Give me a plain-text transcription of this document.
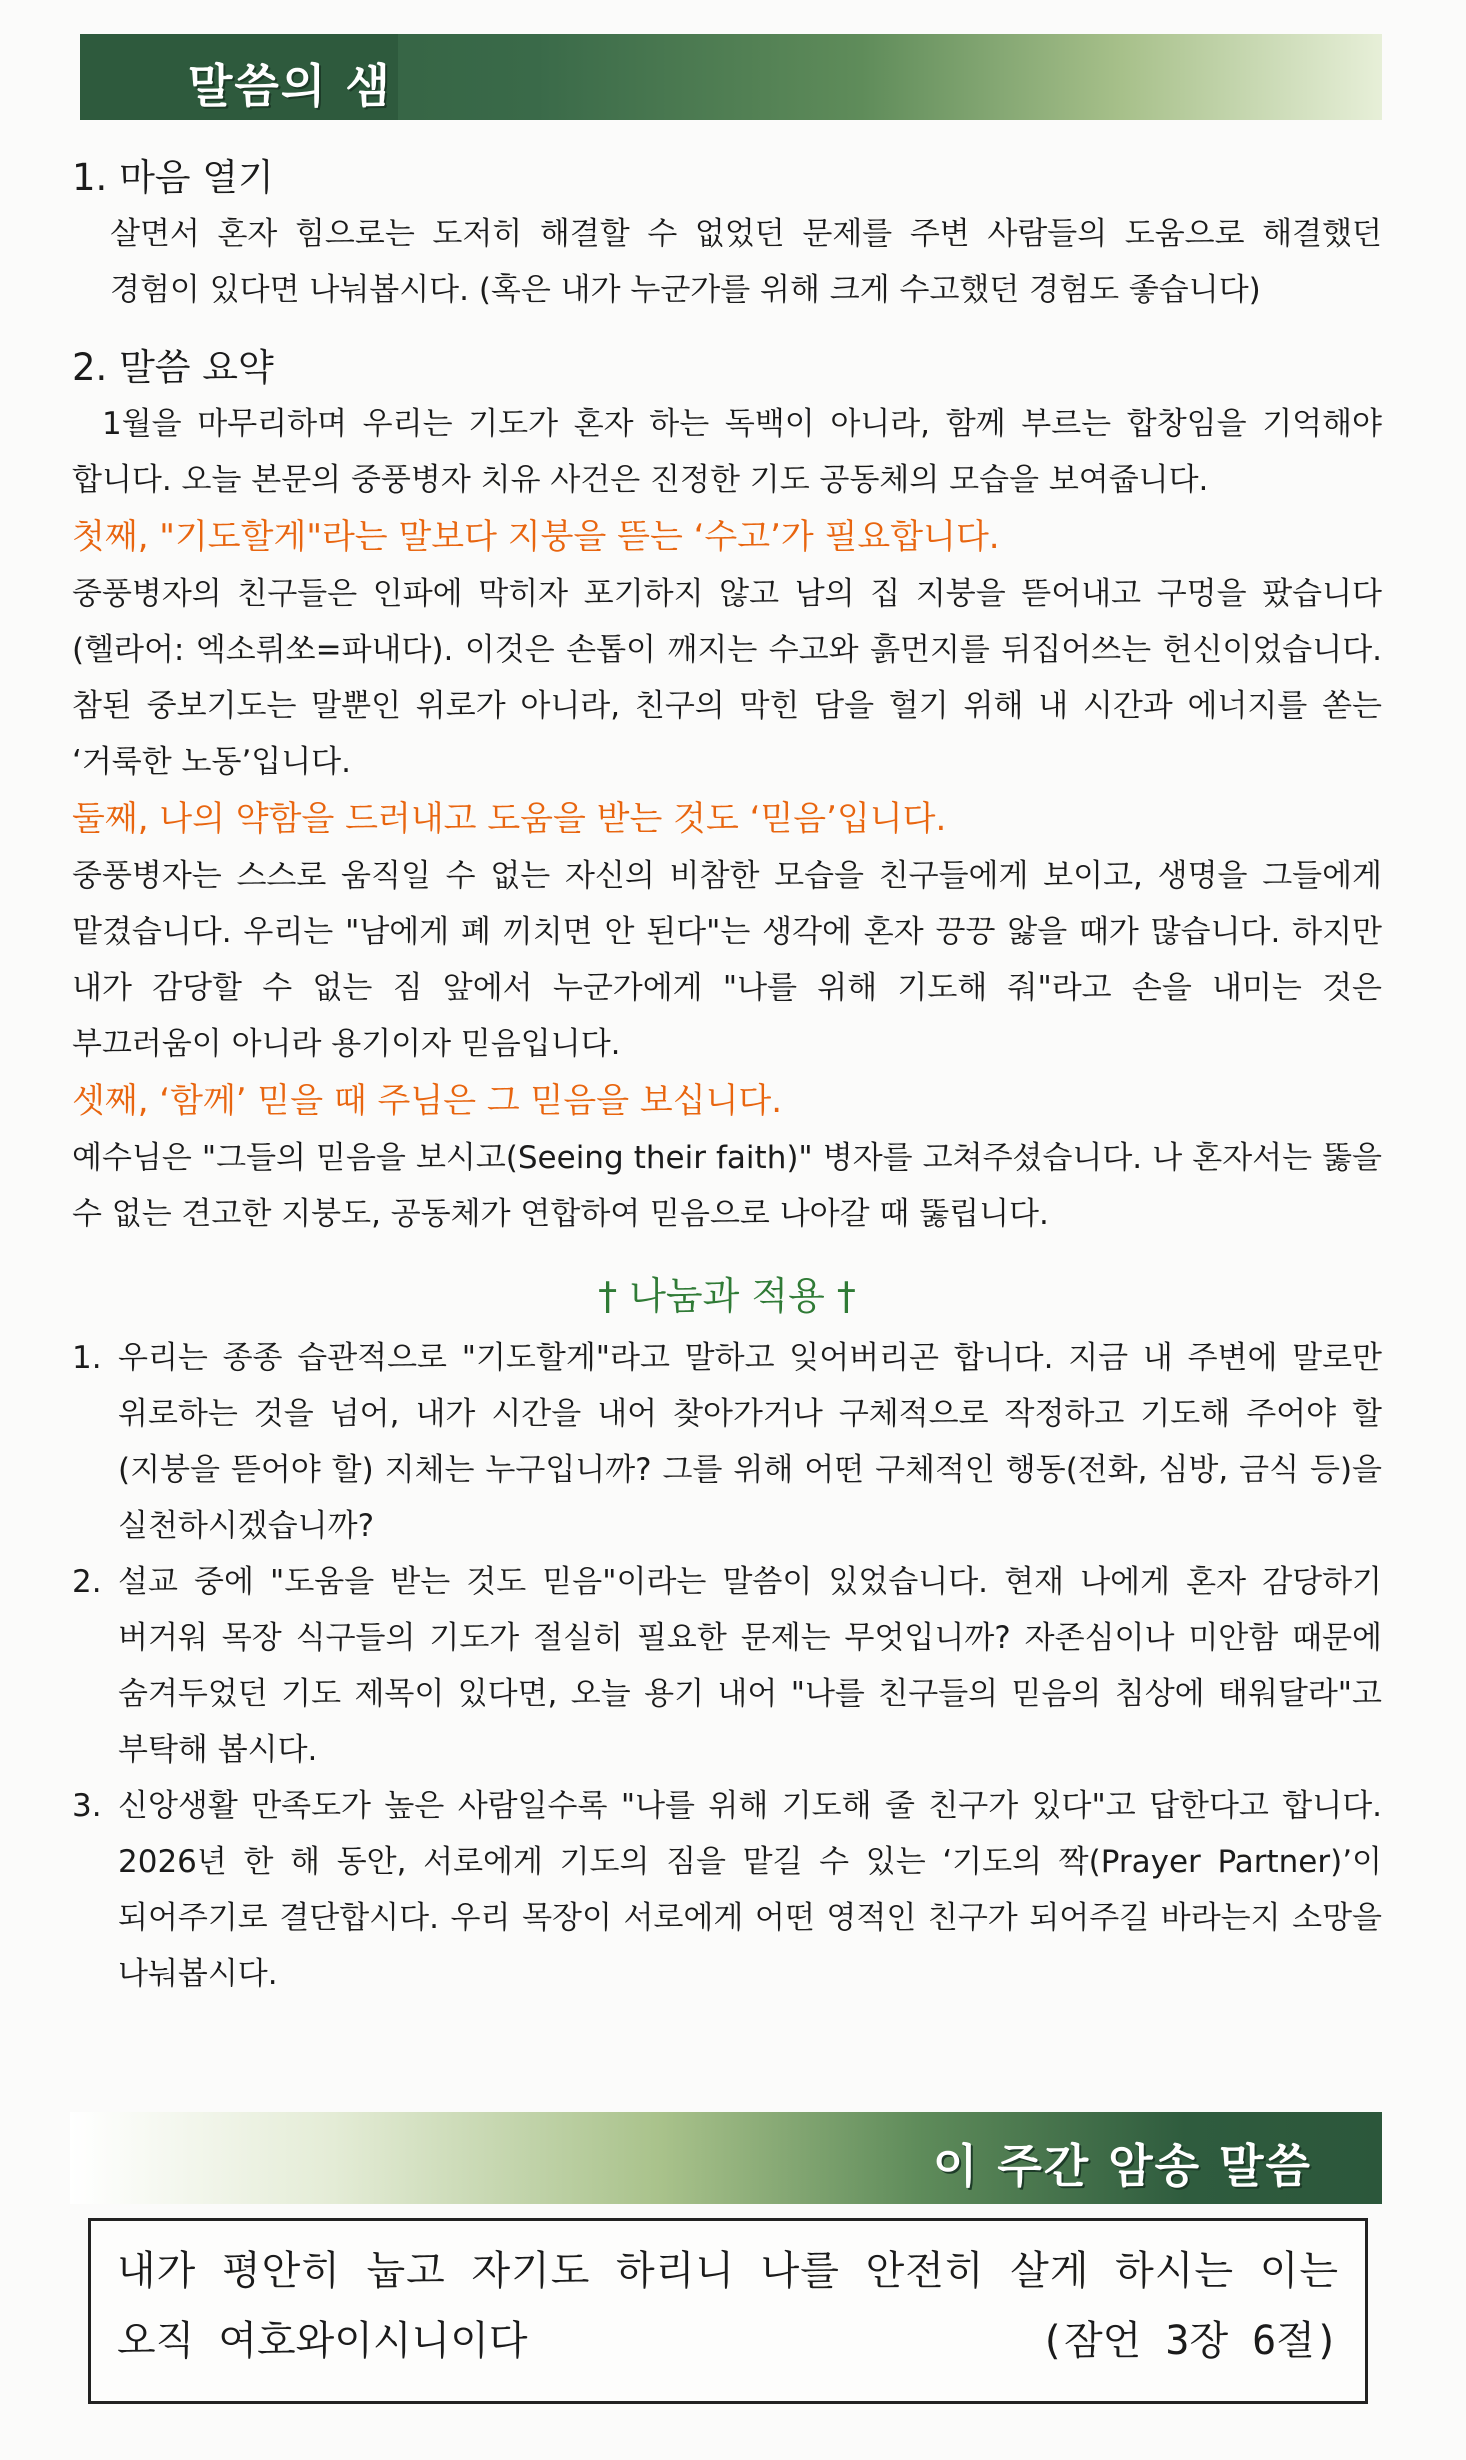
말씀의 샘

1. 마음 열기

살면서 혼자 힘으로는 도저히 해결할 수 없었던 문제를 주변 사람들의 도움으로 해결했던 경험이 있다면 나눠봅시다. (혹은 내가 누군가를 위해 크게 수고했던 경험도 좋습니다)

2. 말씀 요약

1월을 마무리하며 우리는 기도가 혼자 하는 독백이 아니라, 함께 부르는 합창임을 기억해야 합니다. 오늘 본문의 중풍병자 치유 사건은 진정한 기도 공동체의 모습을 보여줍니다.

첫째, "기도할게"라는 말보다 지붕을 뜯는 ‘수고’가 필요합니다.

중풍병자의 친구들은 인파에 막히자 포기하지 않고 남의 집 지붕을 뜯어내고 구멍을 팠습니다(헬라어: 엑소뤼쏘=파내다). 이것은 손톱이 깨지는 수고와 흙먼지를 뒤집어쓰는 헌신이었습니다. 참된 중보기도는 말뿐인 위로가 아니라, 친구의 막힌 담을 헐기 위해 내 시간과 에너지를 쏟는 ‘거룩한 노동’입니다.

둘째, 나의 약함을 드러내고 도움을 받는 것도 ‘믿음’입니다.

중풍병자는 스스로 움직일 수 없는 자신의 비참한 모습을 친구들에게 보이고, 생명을 그들에게 맡겼습니다. 우리는 "남에게 폐 끼치면 안 된다"는 생각에 혼자 끙끙 앓을 때가 많습니다. 하지만 내가 감당할 수 없는 짐 앞에서 누군가에게 "나를 위해 기도해 줘"라고 손을 내미는 것은 부끄러움이 아니라 용기이자 믿음입니다.

셋째, ‘함께’ 믿을 때 주님은 그 믿음을 보십니다.

예수님은 "그들의 믿음을 보시고(Seeing their faith)" 병자를 고쳐주셨습니다. 나 혼자서는 뚫을 수 없는 견고한 지붕도, 공동체가 연합하여 믿음으로 나아갈 때 뚫립니다.

† 나눔과 적용 †

1. 우리는 종종 습관적으로 "기도할게"라고 말하고 잊어버리곤 합니다. 지금 내 주변에 말로만 위로하는 것을 넘어, 내가 시간을 내어 찾아가거나 구체적으로 작정하고 기도해 주어야 할(지붕을 뜯어야 할) 지체는 누구입니까? 그를 위해 어떤 구체적인 행동(전화, 심방, 금식 등)을 실천하시겠습니까?
2. 설교 중에 "도움을 받는 것도 믿음"이라는 말씀이 있었습니다. 현재 나에게 혼자 감당하기 버거워 목장 식구들의 기도가 절실히 필요한 문제는 무엇입니까? 자존심이나 미안함 때문에 숨겨두었던 기도 제목이 있다면, 오늘 용기 내어 "나를 친구들의 믿음의 침상에 태워달라"고 부탁해 봅시다.
3. 신앙생활 만족도가 높은 사람일수록 "나를 위해 기도해 줄 친구가 있다"고 답한다고 합니다. 2026년 한 해 동안, 서로에게 기도의 짐을 맡길 수 있는 ‘기도의 짝(Prayer Partner)’이 되어주기로 결단합시다. 우리 목장이 서로에게 어떤 영적인 친구가 되어주길 바라는지 소망을 나눠봅시다.
이 주간 암송 말씀
내가 평안히 눕고 자기도 하리니 나를 안전히 살게 하시는 이는
오직 여호와이시니이다	(잠언 3장 6절)
